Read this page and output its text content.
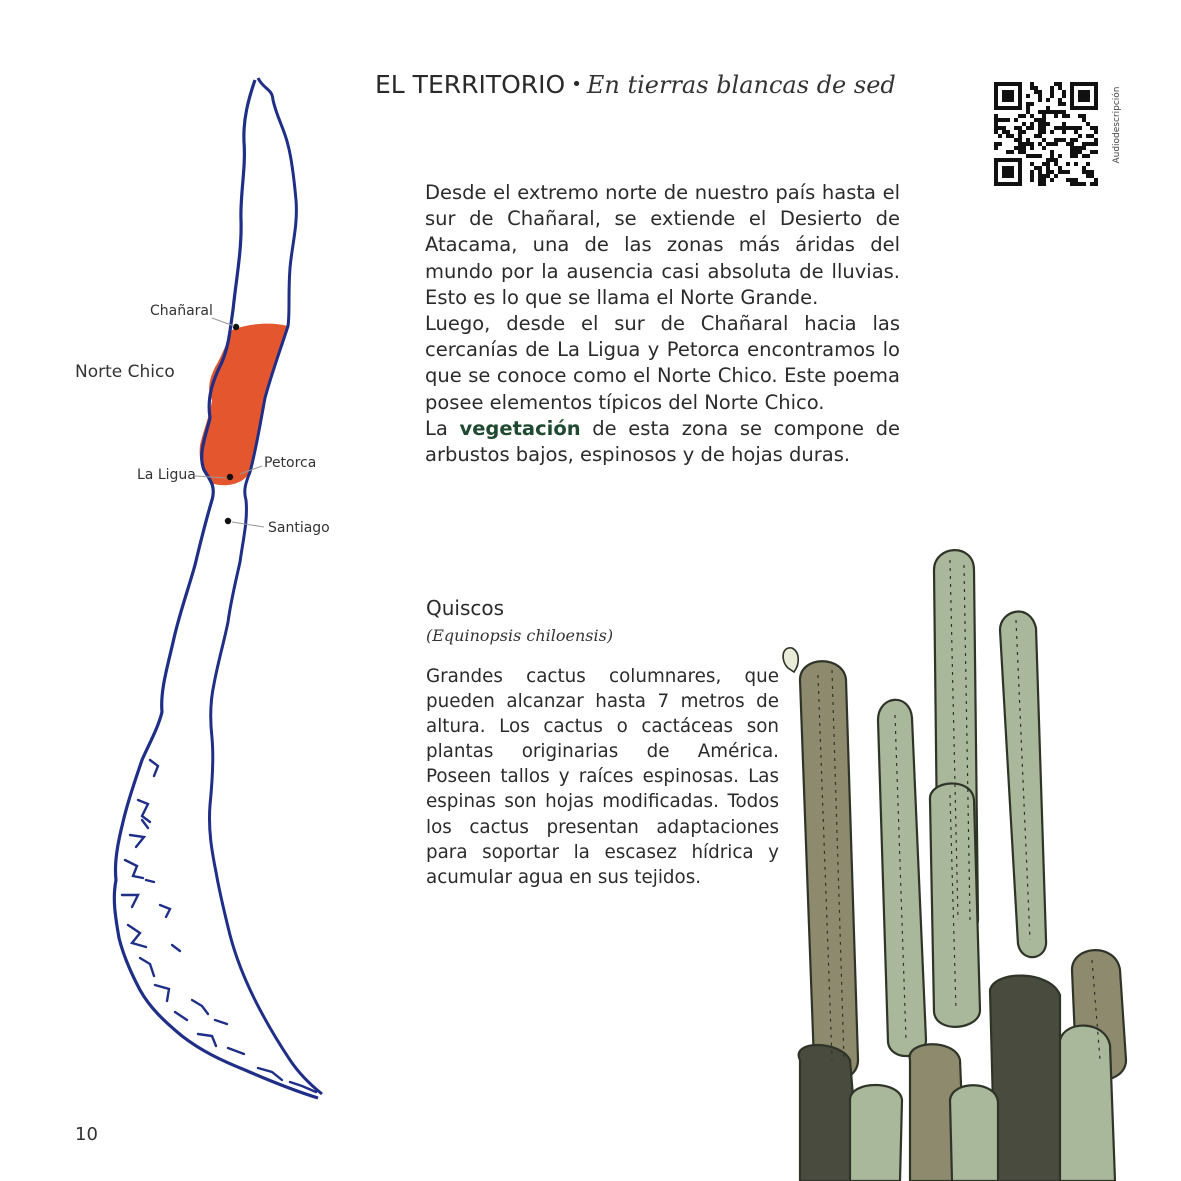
EL TERRITORIO • En tierras blancas de sed
Audiodescripción
Chañaral
Norte Chico
La Ligua
Petorca
Santiago

Desde el extremo norte de nuestro país hasta el sur de Chañaral, se extiende el Desierto de Atacama, una de las zonas más áridas del mundo por la ausencia casi absoluta de lluvias. Esto es lo que se llama el Norte Grande.

Luego, desde el sur de Chañaral hacia las cercanías de La Ligua y Petorca encontramos lo que se conoce como el Norte Chico. Este poema posee elementos típicos del Norte Chico.

La vegetación de esta zona se compone de arbustos bajos, espinosos y de hojas duras.

Quiscos
(Equinopsis chiloensis)
Grandes cactus columnares, que pueden alcanzar hasta 7 metros de altura. Los cactus o cactáceas son plantas originarias de América. Poseen tallos y raíces espinosas. Las espinas son hojas modificadas. Todos los cactus presentan adaptaciones para soportar la escasez hídrica y acumular agua en sus tejidos.
10
